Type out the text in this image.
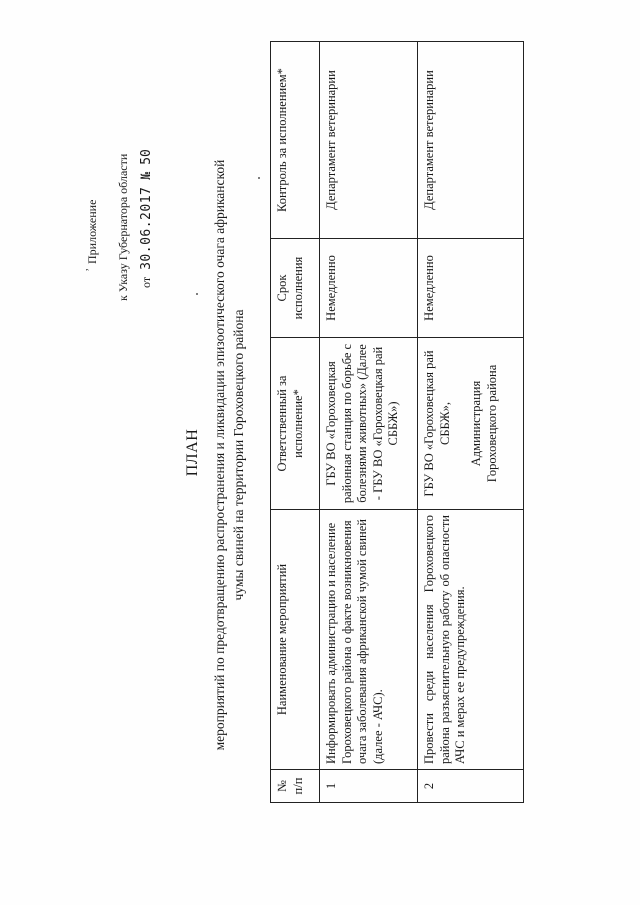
,
Приложение к Указу Губернатора области от 30.06.2017 № 50
ПЛАН мероприятий по предотвращению распространения и ликвидации эпизоотического очага африканской чумы свиней на территории Гороховецкого района
№ п/п	Наименование мероприятий	Ответственный за исполнение*	Срок исполнения	Контроль за исполнением*
1	Информировать администрацию и население Гороховецкого района о факте возникновения очага заболевания африканской чумой свиней (далее - АЧС).	ГБУ ВО «Гороховецкая районная станция по борьбе с болезнями животных» (Далее - ГБУ ВО «Гороховецкая рай СББЖ»)	Немедленно	Департамент ветеринарии
2	Провести среди населения Гороховецкого района разъяснительную работу об опасности АЧС и мерах ее предупреждения.	ГБУ ВО «Гороховецкая рай СББЖ», Администрация Гороховецкого района	Немедленно	Департамент ветеринарии
